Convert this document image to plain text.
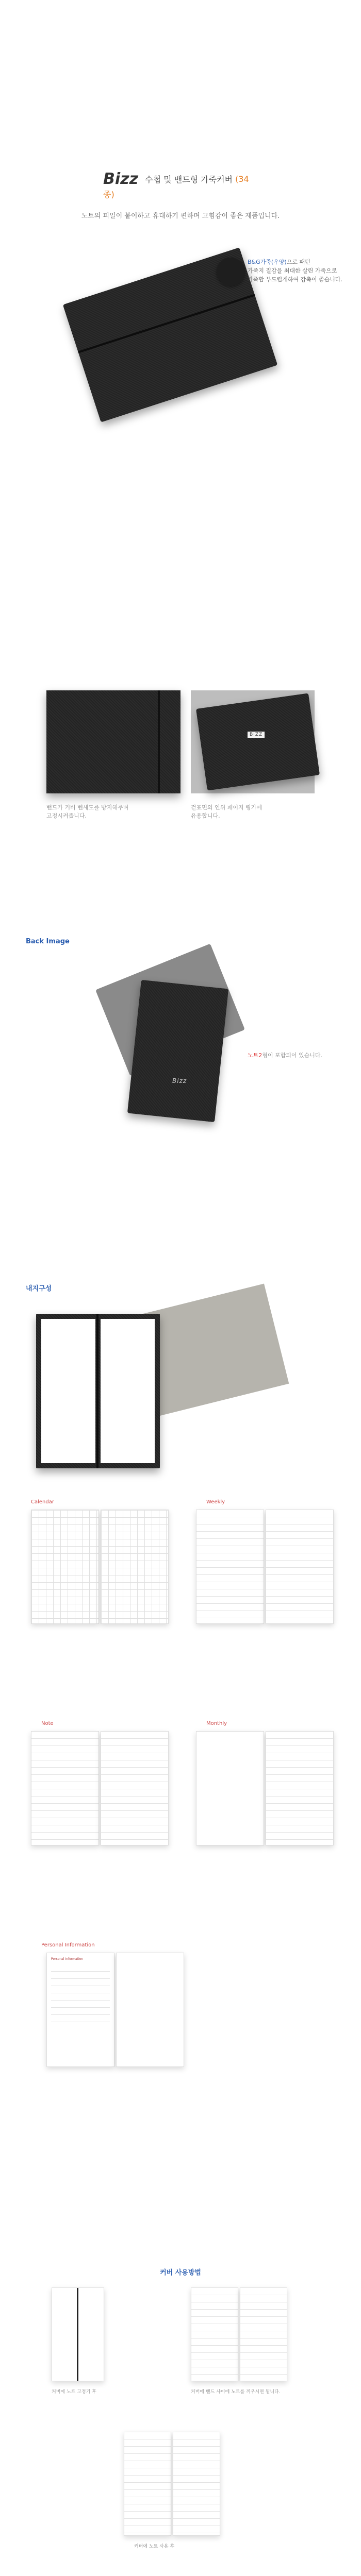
Bizz 수첩 및 밴드형 가죽커버 (34종)
노트의 피일이 붙이하고 휴대하기 편하며 고힘감이 좋은 제품입니다.
B&G가죽(우양)으로 패턴
가죽지 질감을 최대한 살린 가죽으로
가죽합 부드럽게하여 감촉이 좋습니다.
BIZZ
밴드가 커버 벤새도를 방지해주며
고정시켜줍니다.
겉표면의 인위 페이지 링가에
유용합니다.
Back Image
Bizz
노트2형이 포함되어 있습니다.
내지구성
Calendar	Weekly
Note	Monthly
Personal Information
Personal Information
커버 사용방법
커버에 노트 고정기 후	커버에 밴드 사이에 노트를 끼우시면 됩니다.
커버에 노트 사용 후
